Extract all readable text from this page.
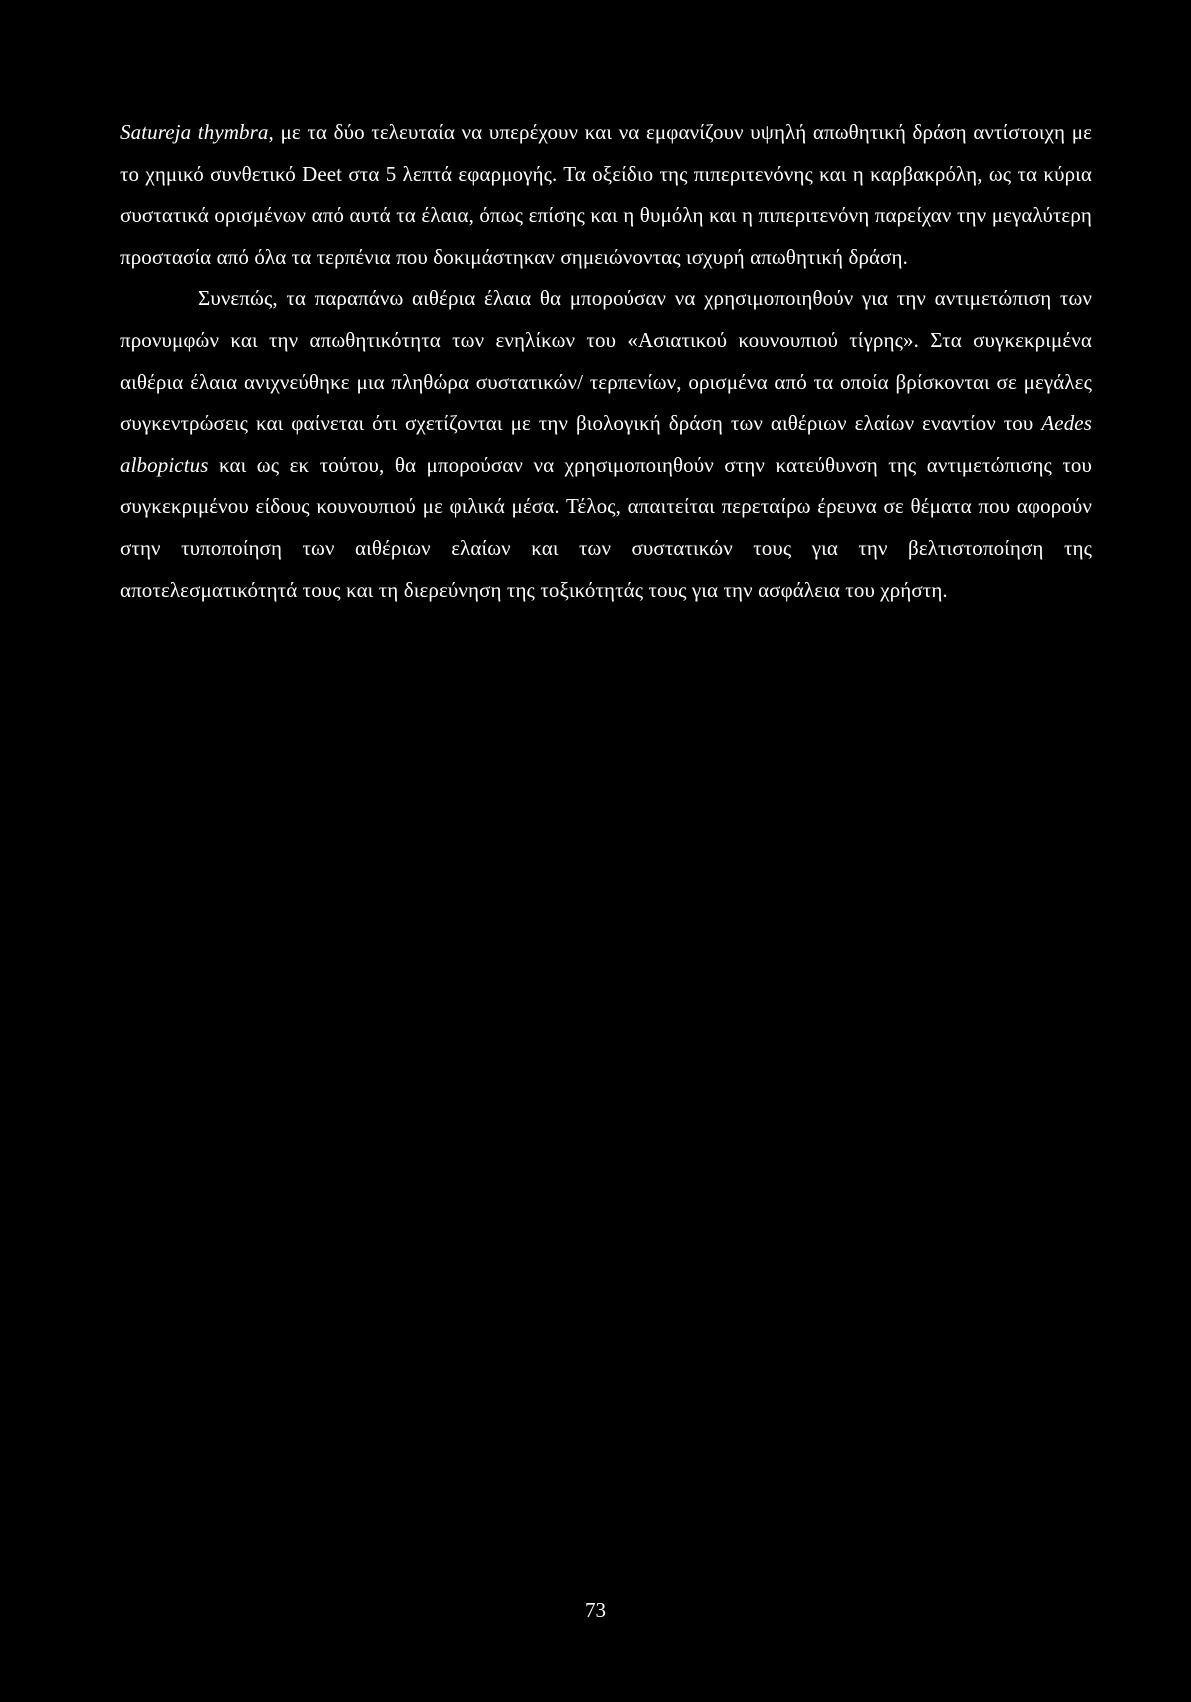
Satureja thymbra, με τα δύο τελευταία να υπερέχουν και να εμφανίζουν υψηλή απωθητική δράση αντίστοιχη με το χημικό συνθετικό Deet στα 5 λεπτά εφαρμογής. Τα οξείδιο της πιπεριτενόνης και η καρβακρόλη, ως τα κύρια συστατικά ορισμένων από αυτά τα έλαια, όπως επίσης και η θυμόλη και η πιπεριτενόνη παρείχαν την μεγαλύτερη προστασία από όλα τα τερπένια που δοκιμάστηκαν σημειώνοντας ισχυρή απωθητική δράση.

Συνεπώς, τα παραπάνω αιθέρια έλαια θα μπορούσαν να χρησιμοποιηθούν για την αντιμετώπιση των προνυμφών και την απωθητικότητα των ενηλίκων του «Ασιατικού κουνουπιού τίγρης». Στα συγκεκριμένα αιθέρια έλαια ανιχνεύθηκε μια πληθώρα συστατικών/ τερπενίων, ορισμένα από τα οποία βρίσκονται σε μεγάλες συγκεντρώσεις και φαίνεται ότι σχετίζονται με την βιολογική δράση των αιθέριων ελαίων εναντίον του Aedes albopictus και ως εκ τούτου, θα μπορούσαν να χρησιμοποιηθούν στην κατεύθυνση της αντιμετώπισης του συγκεκριμένου είδους κουνουπιού με φιλικά μέσα. Τέλος, απαιτείται περεταίρω έρευνα σε θέματα που αφορούν στην τυποποίηση των αιθέριων ελαίων και των συστατικών τους για την βελτιστοποίηση της αποτελεσματικότητά τους και τη διερεύνηση της τοξικότητάς τους για την ασφάλεια του χρήστη.

73
